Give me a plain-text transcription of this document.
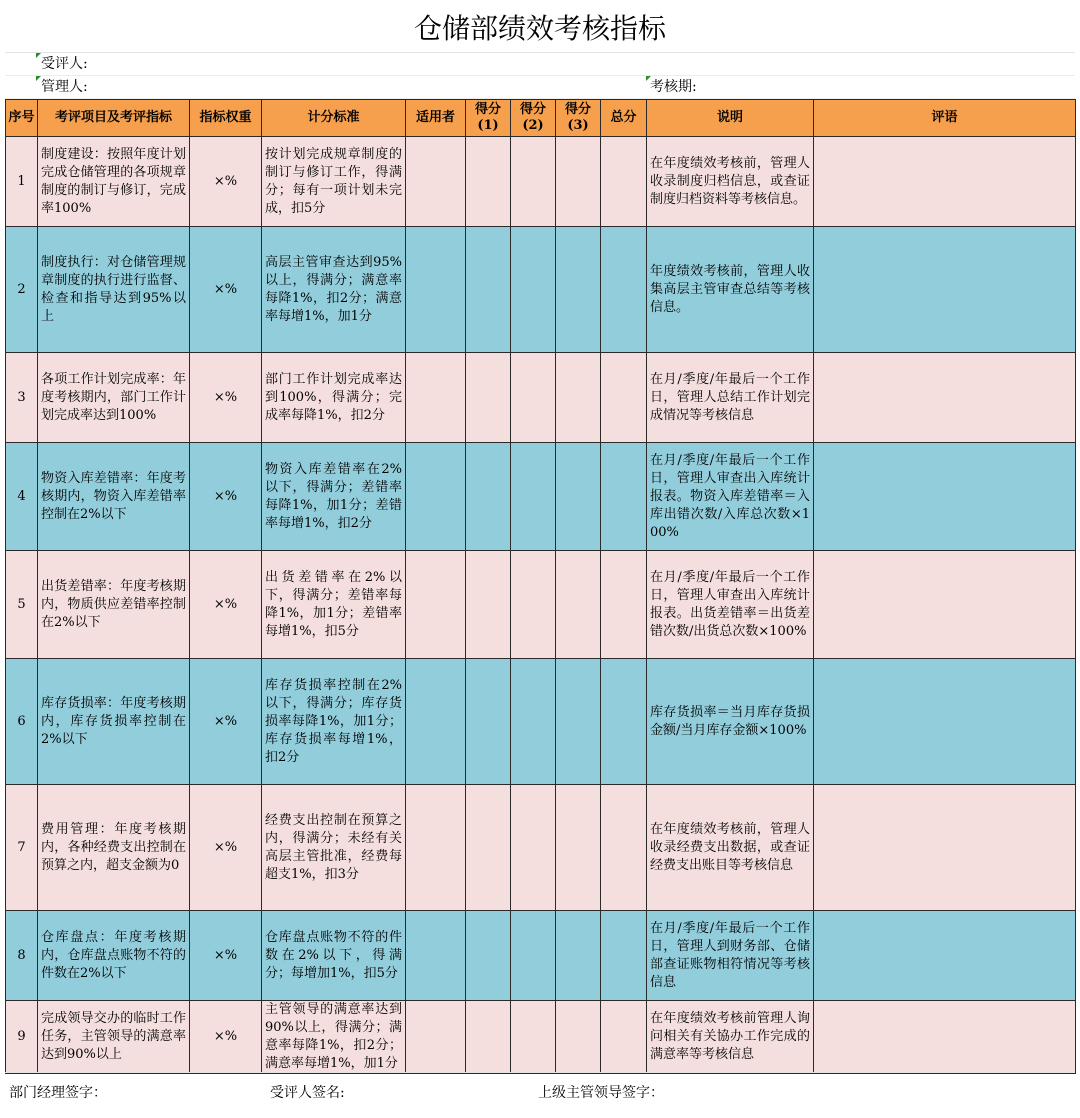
仓储部绩效考核指标
受评人:
管理人:	考核期:
序号	考评项目及考评指标	指标权重	计分标准	适用者	得分(1)	得分(2)	得分(3)	总分	说明	评语
1	制度建设：按照年度计划完成仓储管理的各项规章制度的制订与修订，完成率100%	×%	按计划完成规章制度的制订与修订工作，得满分；每有一项计划未完成，扣5分						在年度绩效考核前，管理人收录制度归档信息，或查证制度归档资料等考核信息。	
2	制度执行：对仓储管理规章制度的执行进行监督、检查和指导达到95%以上	×%	高层主管审查达到95%以上，得满分；满意率每降1%，扣2分；满意率每增1%，加1分						年度绩效考核前，管理人收集高层主管审查总结等考核信息。	
3	各项工作计划完成率：年度考核期内，部门工作计划完成率达到100%	×%	部门工作计划完成率达到100%，得满分；完成率每降1%，扣2分						在月/季度/年最后一个工作日，管理人总结工作计划完成情况等考核信息	
4	物资入库差错率：年度考核期内，物资入库差错率控制在2%以下	×%	物资入库差错率在2%以下，得满分；差错率每降1%，加1分；差错率每增1%，扣2分						在月/季度/年最后一个工作日，管理人审查出入库统计报表。物资入库差错率＝入库出错次数/入库总次数×100%	
5	出货差错率：年度考核期内，物质供应差错率控制在2%以下	×%	出货差错率在2%以下，得满分；差错率每降1%，加1分；差错率每增1%，扣5分						在月/季度/年最后一个工作日，管理人审查出入库统计报表。出货差错率＝出货差错次数/出货总次数×100%	
6	库存货损率：年度考核期内，库存货损率控制在2%以下	×%	库存货损率控制在2%以下，得满分；库存货损率每降1%，加1分；库存货损率每增1%，扣2分						库存货损率＝当月库存货损金额/当月库存金额×100%	
7	费用管理：年度考核期内，各种经费支出控制在预算之内，超支金额为0	×%	经费支出控制在预算之内，得满分；未经有关高层主管批准，经费每超支1%，扣3分						在年度绩效考核前，管理人收录经费支出数据，或查证经费支出账目等考核信息	
8	仓库盘点：年度考核期内，仓库盘点账物不符的件数在2%以下	×%	仓库盘点账物不符的件数在2%以下，得满分；每增加1%，扣5分						在月/季度/年最后一个工作日，管理人到财务部、仓储部查证账物相符情况等考核信息	
9	完成领导交办的临时工作任务，主管领导的满意率达到90%以上	×%	主管领导的满意率达到90%以上，得满分；满意率每降1%，扣2分；满意率每增1%，加1分						在年度绩效考核前管理人询问相关有关協办工作完成的满意率等考核信息	
部门经理签字：	受评人签名:	上级主管领导签字：
